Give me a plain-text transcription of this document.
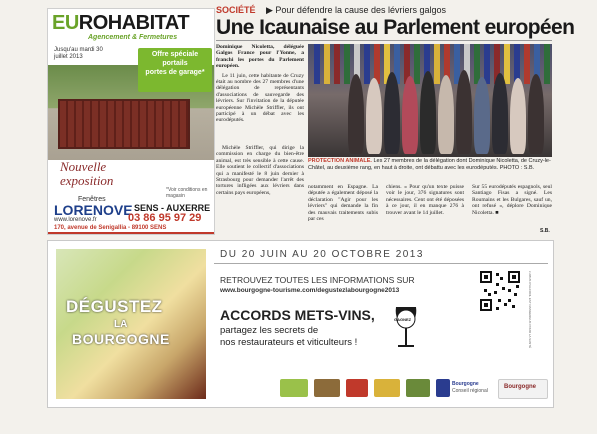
EUROHABITAT
Agencement & Fermetures
Jusqu'au mardi 30 juillet 2013	Offre spéciale
portails
portes de garage*
Nouvelle
exposition
*Voir conditions en magasin
Fenêtres
LORENOVE SENS - AUXERRE
03 86 95 97 29
www.lorenove.fr
170, avenue de Senigallia - 89100 SENS
SOCIÉTÉ ▶ Pour défendre la cause des lévriers galgos
Une Icaunaise au Parlement européen
Dominique Nicoletta, déléguée Galgos France pour l'Yonne, a franchi les portes du Parlement européen.
Le 11 juin, cette habitante de Cruzy était au nombre des 27 membres d'une délégation de représentants d'associations de sauvegarde des lévriers. Sur l'invitation de la députée européenne Michèle Striffler, ils ont participé à un débat avec les eurodéputés.
Michèle Striffler, qui dirige la commission en charge du bien-être animal, est très sensible à cette cause. Elle soutient le collectif d'associations qui a manifesté le 8 juin dernier à Strasbourg pour demander l'arrêt des tortures infligées aux lévriers dans certains pays européens,
notamment en Espagne. La députée a également déposé la déclaration "Agir pour les lévriers" qui demande la fin des mauvais traitements subis par ces
chiens. « Pour qu'un texte puisse voir le jour, 376 signatures sont nécessaires. Cent ont été déposées à ce jour, il en manque 276 à trouver avant le 14 juillet.
Sur 55 eurodéputés espagnols, seul Santiago Fisas a signé. Les Roumains et les Bulgares, sauf un, ont refusé », déplore Dominique Nicoletta. ■
S.B.
PROTECTION ANIMALE. Les 27 membres de la délégation dont Dominique Nicoletta, de Cruzy-le-Châtel, au deuxième rang, en haut à droite, ont débattu avec les eurodéputés. PHOTO : S.B.
DÉGUSTEZ
LA
BOURGOGNE
DU 20 JUIN AU 20 OCTOBRE 2013
RETROUVEZ TOUTES LES INFORMATIONS SUR
www.bourgogne-tourisme.com/degustezlabourgogne2013
ACCORDS METS-VINS,
partagez les secrets de
nos restaurateurs et viticulteurs !
GAGNEZ	L'ABUS D'ALCOOL EST DANGEREUX POUR LA SANTÉ
Bourgogne
Conseil régional
Bourgogne
